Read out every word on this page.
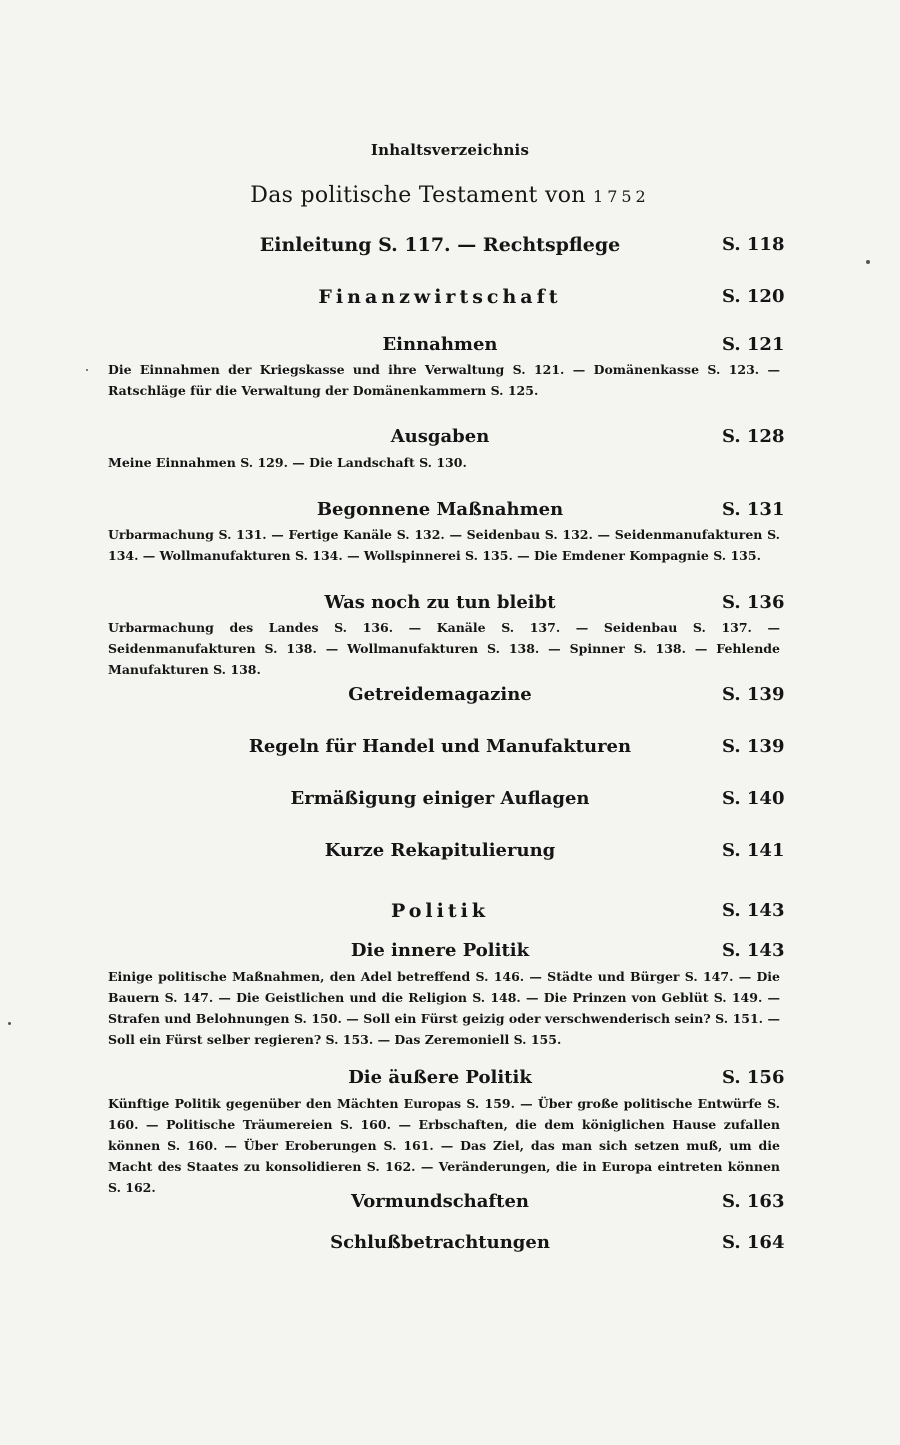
Inhaltsverzeichnis
Das politische Testament von 1752
Einleitung S. 117. — Rechtspflege	S. 118
Finanzwirtschaft	S. 120
Einnahmen	S. 121
Die Einnahmen der Kriegskasse und ihre Verwaltung S. 121. — Domänenkasse S. 123. — Ratschläge für die Verwaltung der Domänenkammern S. 125.
Ausgaben	S. 128
Meine Einnahmen S. 129. — Die Landschaft S. 130.
Begonnene Maßnahmen	S. 131
Urbarmachung S. 131. — Fertige Kanäle S. 132. — Seidenbau S. 132. — Seidenmanufakturen S. 134. — Wollmanufakturen S. 134. — Wollspinnerei S. 135. — Die Emdener Kompagnie S. 135.
Was noch zu tun bleibt	S. 136
Urbarmachung des Landes S. 136. — Kanäle S. 137. — Seidenbau S. 137. — Seidenmanufakturen S. 138. — Wollmanufakturen S. 138. — Spinner S. 138. — Fehlende Manufakturen S. 138.
Getreidemagazine	S. 139
Regeln für Handel und Manufakturen	S. 139
Ermäßigung einiger Auflagen	S. 140
Kurze Rekapitulierung	S. 141
Politik	S. 143
Die innere Politik	S. 143
Einige politische Maßnahmen, den Adel betreffend S. 146. — Städte und Bürger S. 147. — Die Bauern S. 147. — Die Geistlichen und die Religion S. 148. — Die Prinzen von Geblüt S. 149. — Strafen und Belohnungen S. 150. — Soll ein Fürst geizig oder verschwenderisch sein? S. 151. — Soll ein Fürst selber regieren? S. 153. — Das Zeremoniell S. 155.
Die äußere Politik	S. 156
Künftige Politik gegenüber den Mächten Europas S. 159. — Über große politische Entwürfe S. 160. — Politische Träumereien S. 160. — Erbschaften, die dem königlichen Hause zufallen können S. 160. — Über Eroberungen S. 161. — Das Ziel, das man sich setzen muß, um die Macht des Staates zu konsolidieren S. 162. — Veränderungen, die in Europa eintreten können S. 162.
Vormundschaften	S. 163
Schlußbetrachtungen	S. 164
